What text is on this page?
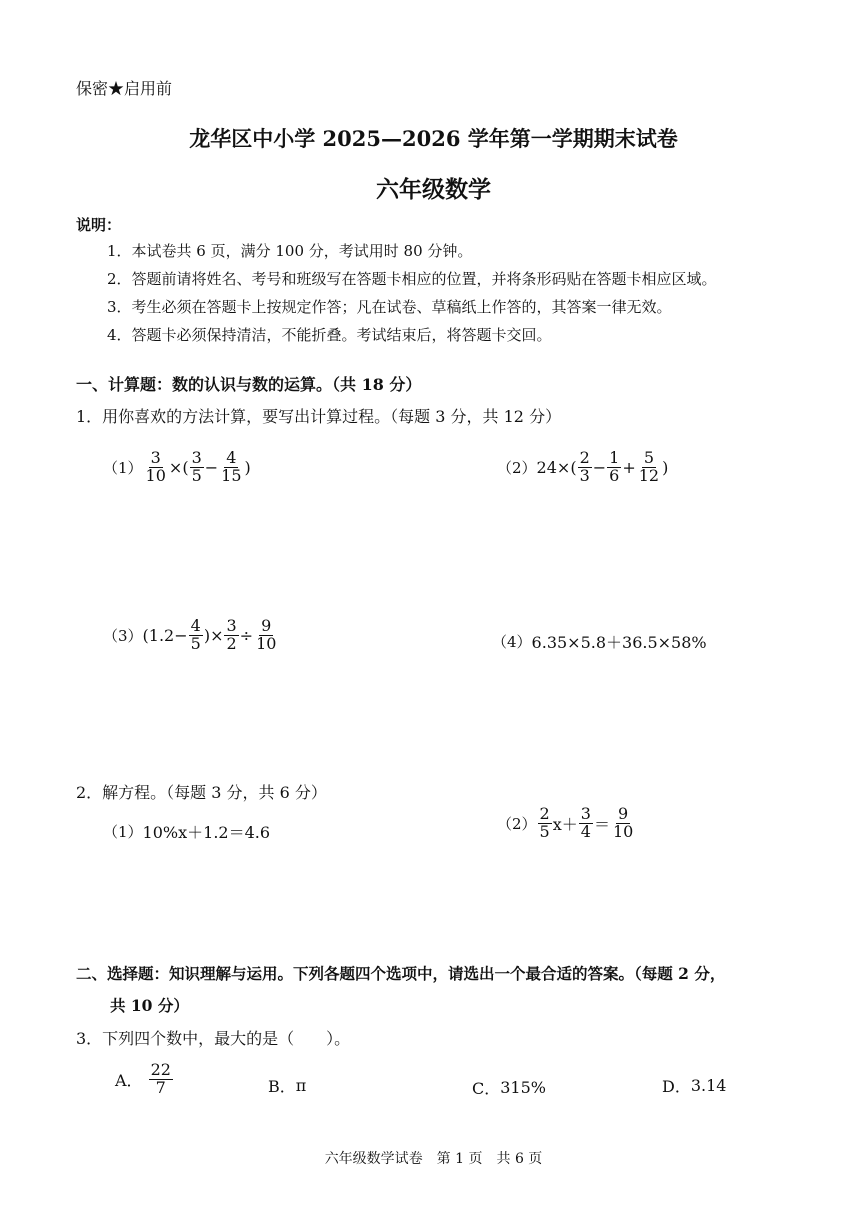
保密★启用前
龙华区中小学 2025—2026 学年第一学期期末试卷
六年级数学
说明：
1．本试卷共 6 页，满分 100 分，考试用时 80 分钟。
2．答题前请将姓名、考号和班级写在答题卡相应的位置，并将条形码贴在答题卡相应区域。
3．考生必须在答题卡上按规定作答；凡在试卷、草稿纸上作答的，其答案一律无效。
4．答题卡必须保持清洁，不能折叠。考试结束后，将答题卡交回。
一、计算题：数的认识与数的运算。（共 18 分）
1．用你喜欢的方法计算，要写出计算过程。（每题 3 分，共 12 分）
$(1) \frac{3}{10}$ ×( $\frac{3}{5} - \frac{4}{15}$ )	（2） $24\times( \frac{2}{3} - \frac{1}{6} + \frac{5}{12}$ )
（3） ($1.2- \frac{4}{5}$ )× $\frac{3}{2} \div \frac{9}{10}$	（4） 6.35×5.8＋36.5×58%
2．解方程。（每题 3 分，共 6 分）
（1） 10%x＋1.2＝4.6	$(2) \frac{2}{5} x+ \frac{3}{4} = \frac{9}{10}$
二、选择题：知识理解与运用。下列各题四个选项中，请选出一个最合适的答案。（每题 2 分，
共 10 分）
3．下列四个数中，最大的是（　　）。
A． $\frac{22}{7}$	B． π	C． 315%	D． 3.14
六年级数学试卷　第 1 页　共 6 页
